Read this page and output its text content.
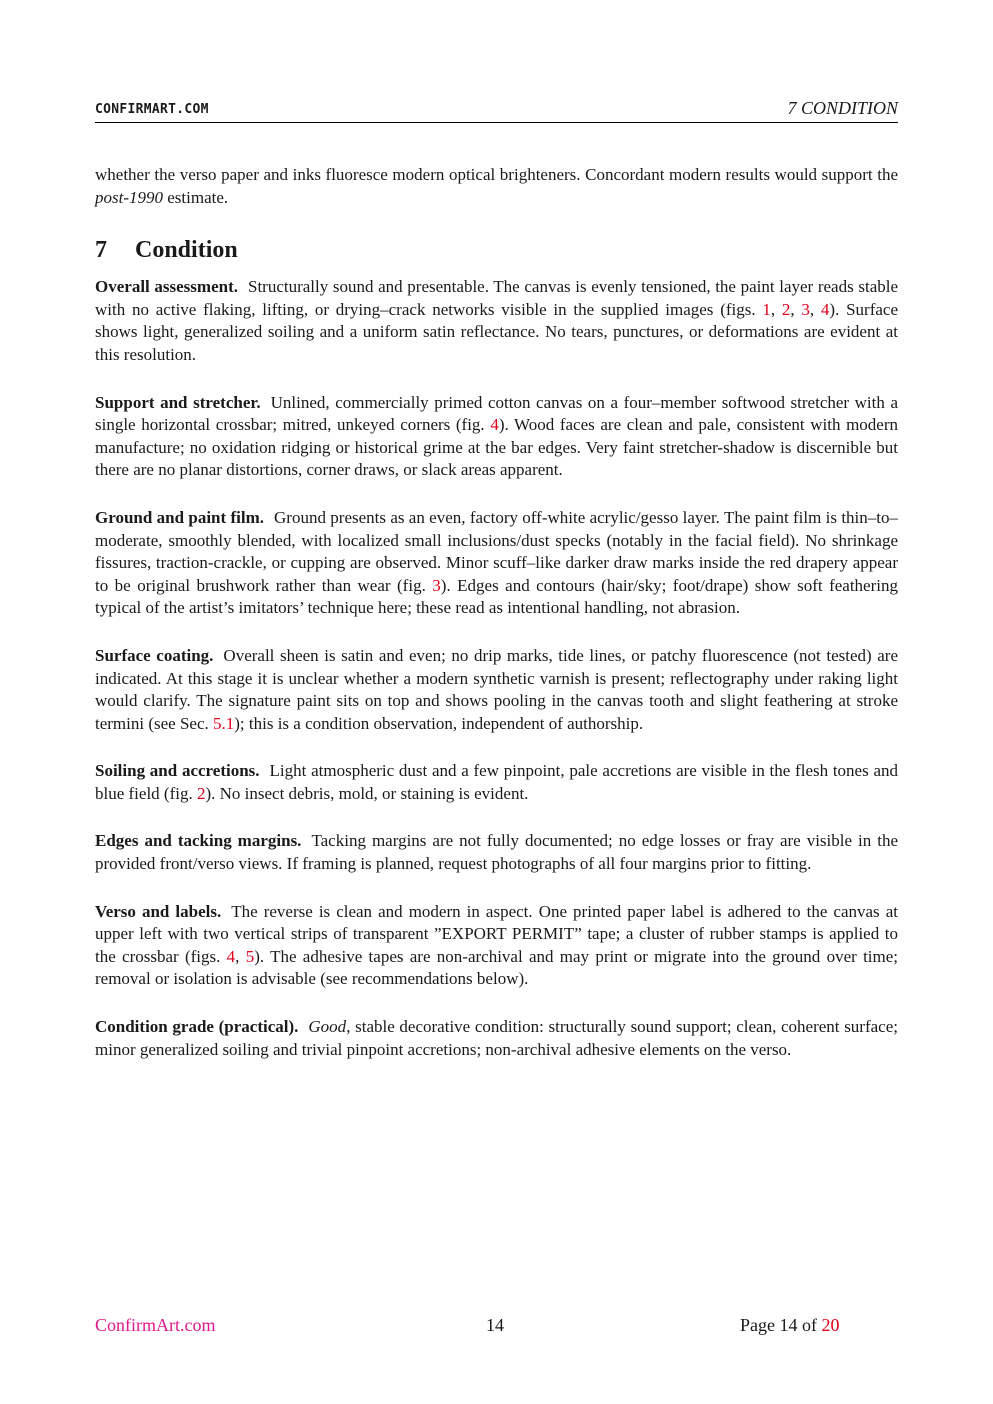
CONFIRMART.COM	7 CONDITION

whether the verso paper and inks fluoresce modern optical brighteners. Concordant modern results would support the post-1990 estimate.

7 Condition

Overall assessment. Structurally sound and presentable. The canvas is evenly tensioned, the paint layer reads stable with no active flaking, lifting, or drying–crack networks visible in the supplied images (figs. 1, 2, 3, 4). Surface shows light, generalized soiling and a uniform satin reflectance. No tears, punctures, or deformations are evident at this resolution.

Support and stretcher. Unlined, commercially primed cotton canvas on a four–member softwood stretcher with a single horizontal crossbar; mitred, unkeyed corners (fig. 4). Wood faces are clean and pale, consistent with modern manufacture; no oxidation ridging or historical grime at the bar edges. Very faint stretcher-shadow is discernible but there are no planar distortions, corner draws, or slack areas apparent.

Ground and paint film. Ground presents as an even, factory off-white acrylic/gesso layer. The paint film is thin–to–moderate, smoothly blended, with localized small inclusions/dust specks (notably in the facial field). No shrinkage fissures, traction-crackle, or cupping are observed. Minor scuff–like darker draw marks inside the red drapery appear to be original brushwork rather than wear (fig. 3). Edges and contours (hair/sky; foot/drape) show soft feathering typical of the artist’s imitators’ technique here; these read as intentional handling, not abrasion.

Surface coating. Overall sheen is satin and even; no drip marks, tide lines, or patchy fluorescence (not tested) are indicated. At this stage it is unclear whether a modern synthetic varnish is present; reflectography under raking light would clarify. The signature paint sits on top and shows pooling in the canvas tooth and slight feathering at stroke termini (see Sec. 5.1); this is a condition observation, independent of authorship.

Soiling and accretions. Light atmospheric dust and a few pinpoint, pale accretions are visible in the flesh tones and blue field (fig. 2). No insect debris, mold, or staining is evident.

Edges and tacking margins. Tacking margins are not fully documented; no edge losses or fray are visible in the provided front/verso views. If framing is planned, request photographs of all four margins prior to fitting.

Verso and labels. The reverse is clean and modern in aspect. One printed paper label is adhered to the canvas at upper left with two vertical strips of transparent ”EXPORT PERMIT” tape; a cluster of rubber stamps is applied to the crossbar (figs. 4, 5). The adhesive tapes are non-archival and may print or migrate into the ground over time; removal or isolation is advisable (see recommendations below).

Condition grade (practical). Good, stable decorative condition: structurally sound support; clean, coherent surface; minor generalized soiling and trivial pinpoint accretions; non-archival adhesive elements on the verso.

ConfirmArt.com	14	Page 14 of 20
